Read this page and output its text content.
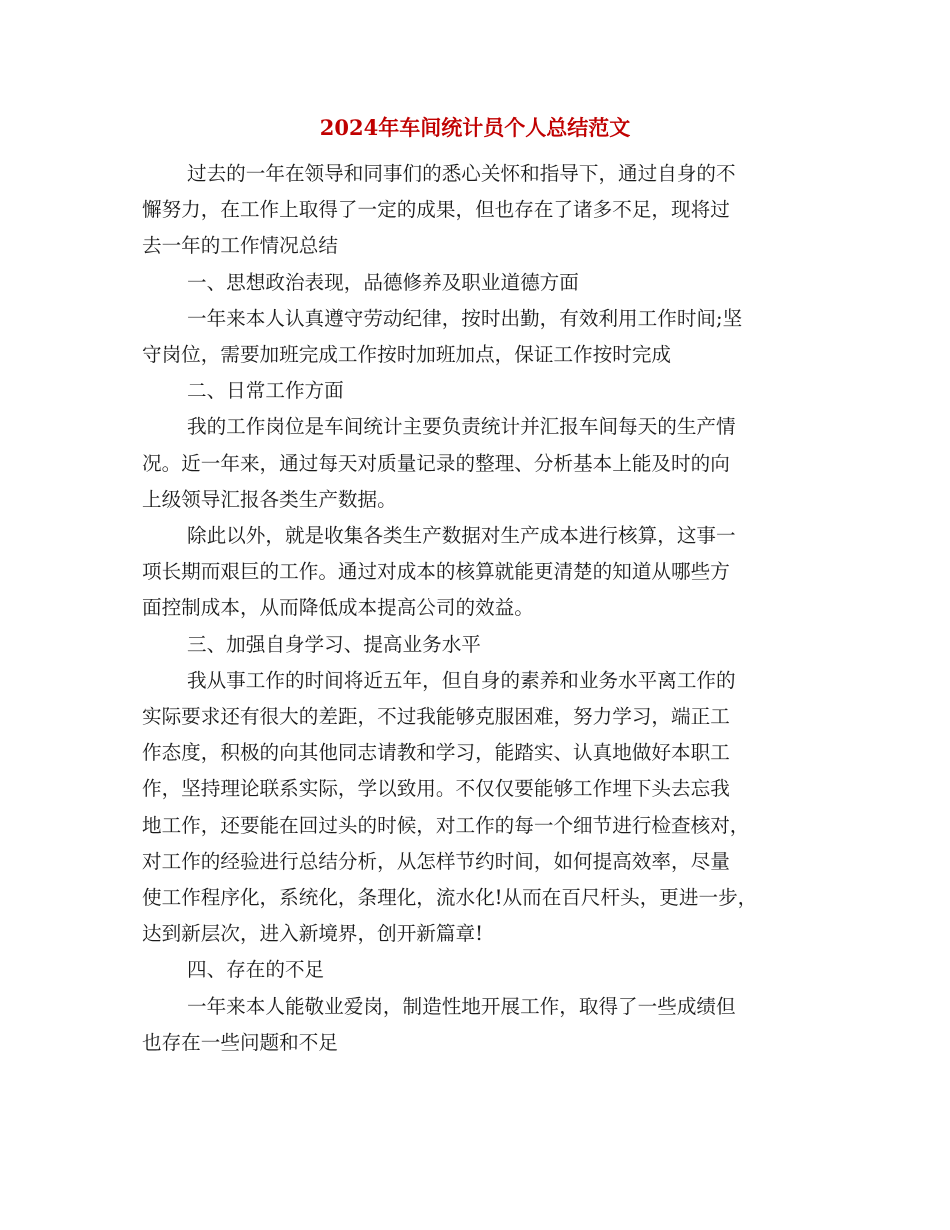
2024年车间统计员个人总结范文

过去的一年在领导和同事们的悉心关怀和指导下，通过自身的不
懈努力，在工作上取得了一定的成果，但也存在了诸多不足，现将过
去一年的工作情况总结

一、思想政治表现，品德修养及职业道德方面

一年来本人认真遵守劳动纪律，按时出勤，有效利用工作时间;坚
守岗位，需要加班完成工作按时加班加点，保证工作按时完成

二、日常工作方面

我的工作岗位是车间统计主要负责统计并汇报车间每天的生产情
况。近一年来，通过每天对质量记录的整理、分析基本上能及时的向
上级领导汇报各类生产数据。

除此以外，就是收集各类生产数据对生产成本进行核算，这事一
项长期而艰巨的工作。通过对成本的核算就能更清楚的知道从哪些方
面控制成本，从而降低成本提高公司的效益。

三、加强自身学习、提高业务水平

我从事工作的时间将近五年，但自身的素养和业务水平离工作的
实际要求还有很大的差距，不过我能够克服困难，努力学习，端正工
作态度，积极的向其他同志请教和学习，能踏实、认真地做好本职工
作，坚持理论联系实际，学以致用。不仅仅要能够工作埋下头去忘我
地工作，还要能在回过头的时候，对工作的每一个细节进行检查核对，
对工作的经验进行总结分析，从怎样节约时间，如何提高效率，尽量
使工作程序化，系统化，条理化，流水化!从而在百尺杆头，更进一步，
达到新层次，进入新境界，创开新篇章!

四、存在的不足

一年来本人能敬业爱岗，制造性地开展工作，取得了一些成绩但
也存在一些问题和不足
